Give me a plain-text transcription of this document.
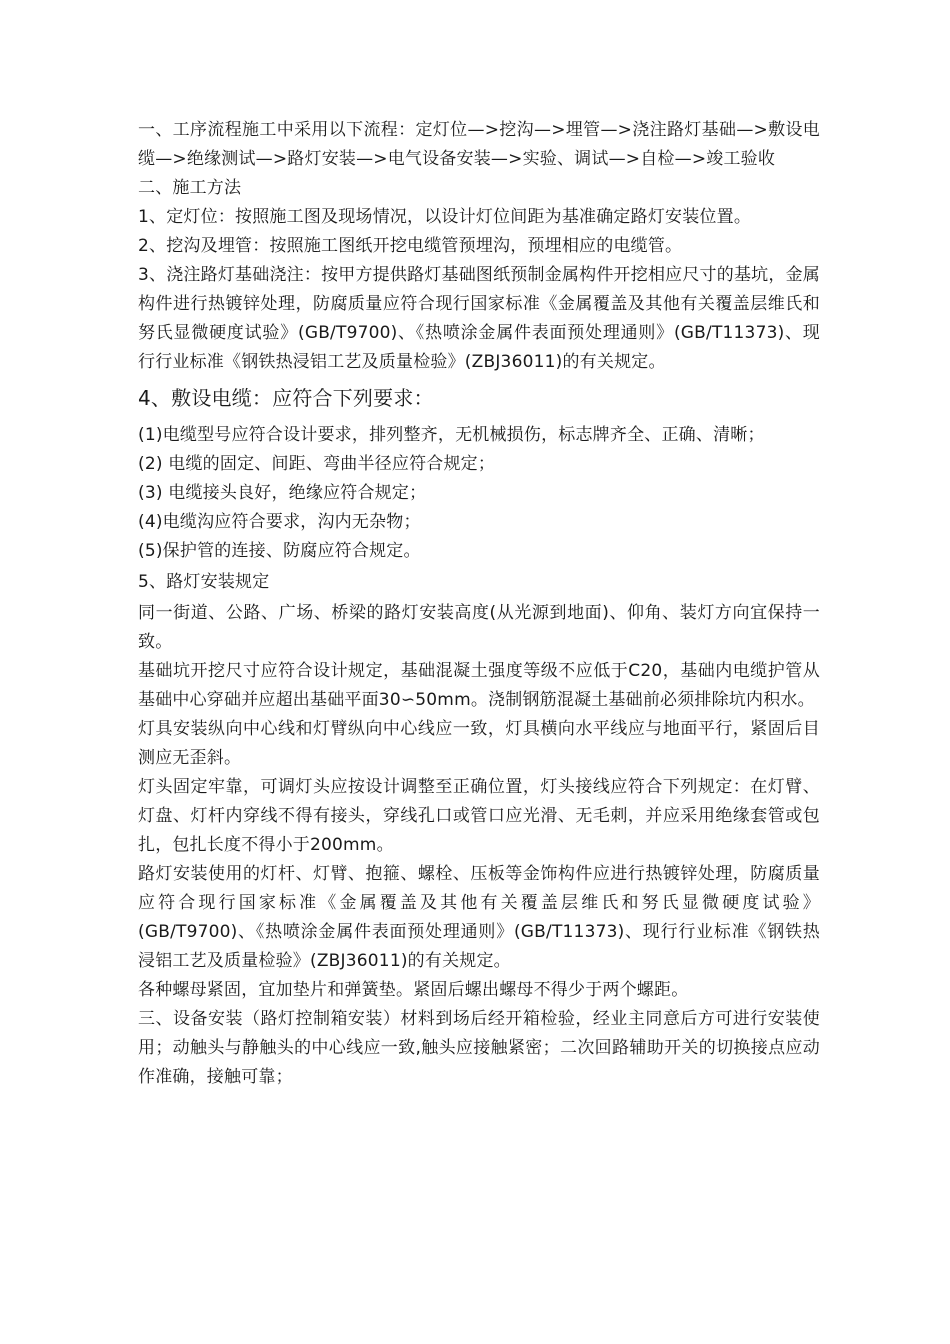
一、工序流程施工中采用以下流程：定灯位—>挖沟—>埋管—>浇注路灯基础—>敷设电缆—>绝缘测试—>路灯安装—>电气设备安装—>实验、调试—>自检—>竣工验收

二、施工方法

1、定灯位：按照施工图及现场情况，以设计灯位间距为基准确定路灯安装位置。

2、挖沟及埋管：按照施工图纸开挖电缆管预埋沟，预埋相应的电缆管。

3、浇注路灯基础浇注：按甲方提供路灯基础图纸预制金属构件开挖相应尺寸的基坑，金属构件进行热镀锌处理，防腐质量应符合现行国家标准《金属覆盖及其他有关覆盖层维氏和努氏显微硬度试验》(GB/T9700)、《热喷涂金属件表面预处理通则》(GB/T11373)、现行行业标准《钢铁热浸铝工艺及质量检验》(ZBJ36011)的有关规定。

4、敷设电缆：应符合下列要求：

(1)电缆型号应符合设计要求，排列整齐，无机械损伤，标志牌齐全、正确、清晰；

(2) 电缆的固定、间距、弯曲半径应符合规定；

(3) 电缆接头良好，绝缘应符合规定；

(4)电缆沟应符合要求，沟内无杂物；

(5)保护管的连接、防腐应符合规定。

5、路灯安装规定

同一街道、公路、广场、桥梁的路灯安装高度(从光源到地面)、仰角、装灯方向宜保持一致。

基础坑开挖尺寸应符合设计规定，基础混凝土强度等级不应低于C20，基础内电缆护管从基础中心穿础并应超出基础平面30∽50mm。浇制钢筋混凝土基础前必须排除坑内积水。

灯具安装纵向中心线和灯臂纵向中心线应一致，灯具横向水平线应与地面平行，紧固后目测应无歪斜。

灯头固定牢靠，可调灯头应按设计调整至正确位置，灯头接线应符合下列规定：在灯臂、灯盘、灯杆内穿线不得有接头，穿线孔口或管口应光滑、无毛刺，并应采用绝缘套管或包扎，包扎长度不得小于200mm。

路灯安装使用的灯杆、灯臂、抱箍、螺栓、压板等金饰构件应进行热镀锌处理，防腐质量应符合现行国家标准《金属覆盖及其他有关覆盖层维氏和努氏显微硬度试验》(GB/T9700)、《热喷涂金属件表面预处理通则》(GB/T11373)、现行行业标准《钢铁热浸铝工艺及质量检验》(ZBJ36011)的有关规定。

各种螺母紧固，宜加垫片和弹簧垫。紧固后螺出螺母不得少于两个螺距。

三、设备安装（路灯控制箱安装）材料到场后经开箱检验，经业主同意后方可进行安装使用；动触头与静触头的中心线应一致,触头应接触紧密；二次回路辅助开关的切换接点应动作准确，接触可靠；
